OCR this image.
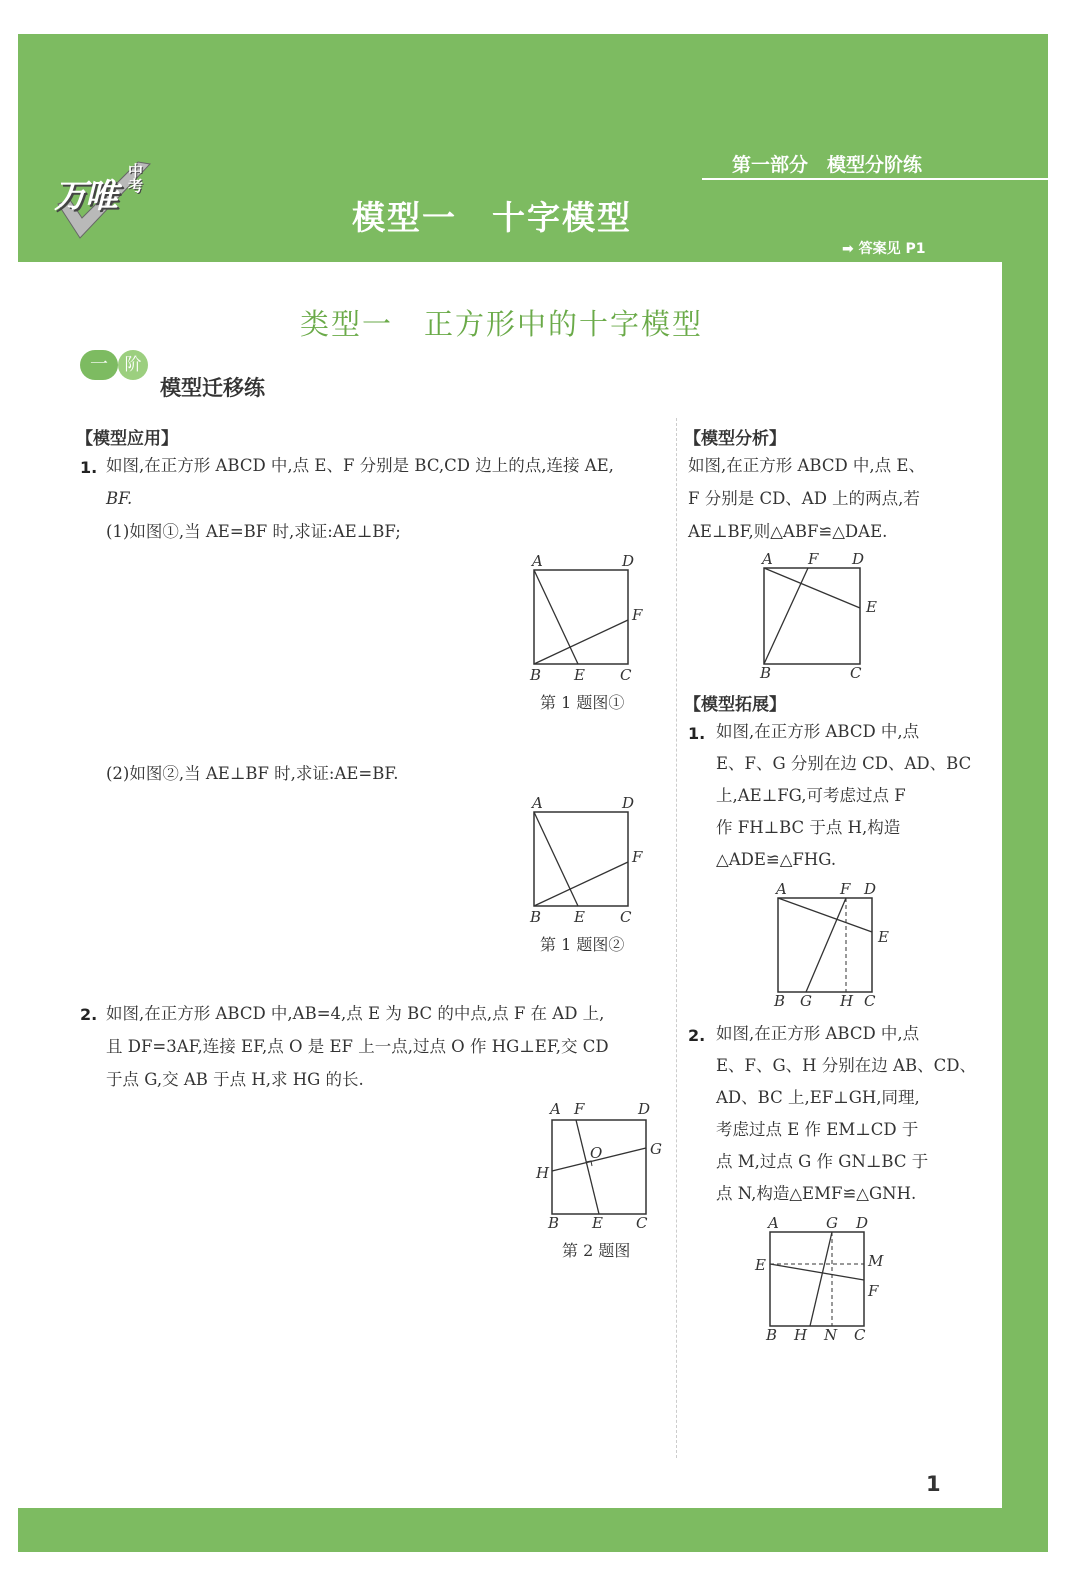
万唯
中考
第一部分　模型分阶练
模型一　十字模型
➡ 答案见 P1
类型一　正方形中的十字模型
一 阶
模型迁移练
【模型应用】
1. 如图,在正方形 ABCD 中,点 E、F 分别是 BC,CD 边上的点,连接 AE,
BF.
(1)如图①,当 AE=BF 时,求证:AE⊥BF;
A	D
F
B E C
第 1 题图①
(2)如图②,当 AE⊥BF 时,求证:AE=BF.
A	D
F
B E C
第 1 题图②
2. 如图,在正方形 ABCD 中,AB=4,点 E 为 BC 的中点,点 F 在 AD 上,
且 DF=3AF,连接 EF,点 O 是 EF 上一点,过点 O 作 HG⊥EF,交 CD
于点 G,交 AB 于点 H,求 HG 的长.
A F	D
G
H
O
B E C
第 2 题图
【模型分析】
如图,在正方形 ABCD 中,点 E、
F 分别是 CD、AD 上的两点,若
AE⊥BF,则△ABF≌△DAE.
A F D
E
B	C
【模型拓展】
1. 如图,在正方形 ABCD 中,点
E、F、G 分别在边 CD、AD、BC
上,AE⊥FG,可考虑过点 F
作 FH⊥BC 于点 H,构造
△ADE≌△FHG.
A	F D
E
B G H C
2. 如图,在正方形 ABCD 中,点
E、F、G、H 分别在边 AB、CD、
AD、BC 上,EF⊥GH,同理,
考虑过点 E 作 EM⊥CD 于
点 M,过点 G 作 GN⊥BC 于
点 N,构造△EMF≌△GNH.
A	G D
E	M
F
B H N C
1
